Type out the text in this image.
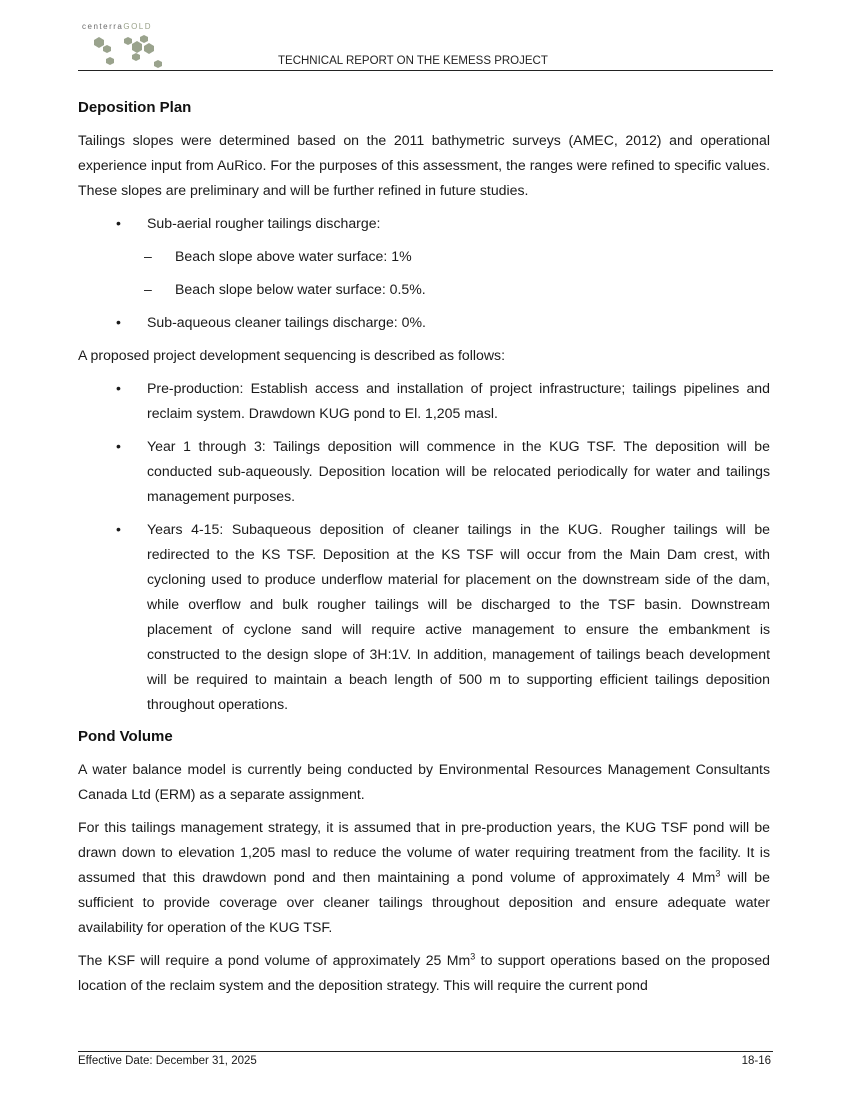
centerraGOLD
TECHNICAL REPORT ON THE KEMESS PROJECT
Deposition Plan

Tailings slopes were determined based on the 2011 bathymetric surveys (AMEC, 2012) and operational experience input from AuRico. For the purposes of this assessment, the ranges were refined to specific values. These slopes are preliminary and will be further refined in future studies.

• Sub-aerial rougher tailings discharge:
– Beach slope above water surface: 1%
– Beach slope below water surface: 0.5%.
• Sub-aqueous cleaner tailings discharge: 0%.

A proposed project development sequencing is described as follows:

• Pre-production: Establish access and installation of project infrastructure; tailings pipelines and reclaim system. Drawdown KUG pond to El. 1,205 masl.
• Year 1 through 3: Tailings deposition will commence in the KUG TSF. The deposition will be conducted sub-aqueously. Deposition location will be relocated periodically for water and tailings management purposes.
• Years 4-15: Subaqueous deposition of cleaner tailings in the KUG. Rougher tailings will be redirected to the KS TSF. Deposition at the KS TSF will occur from the Main Dam crest, with cycloning used to produce underflow material for placement on the downstream side of the dam, while overflow and bulk rougher tailings will be discharged to the TSF basin. Downstream placement of cyclone sand will require active management to ensure the embankment is constructed to the design slope of 3H:1V. In addition, management of tailings beach development will be required to maintain a beach length of 500 m to supporting efficient tailings deposition throughout operations.
Pond Volume

A water balance model is currently being conducted by Environmental Resources Management Consultants Canada Ltd (ERM) as a separate assignment.

For this tailings management strategy, it is assumed that in pre-production years, the KUG TSF pond will be drawn down to elevation 1,205 masl to reduce the volume of water requiring treatment from the facility. It is assumed that this drawdown pond and then maintaining a pond volume of approximately 4 Mm$^3$ will be sufficient to provide coverage over cleaner tailings throughout deposition and ensure adequate water availability for operation of the KUG TSF.

The KSF will require a pond volume of approximately 25 Mm$^3$ to support operations based on the proposed location of the reclaim system and the deposition strategy. This will require the current pond

Effective Date: December 31, 2025	18-16
